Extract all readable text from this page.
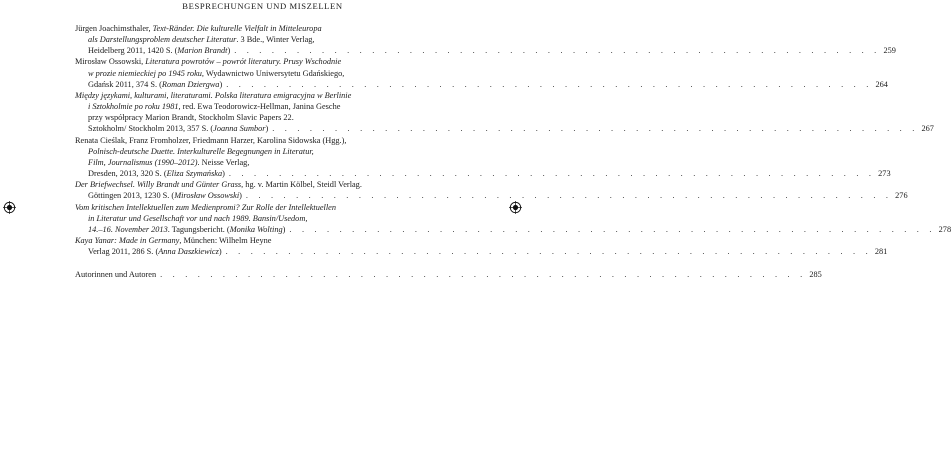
BESPRECHUNGEN UND MISZELLEN
Jürgen Joachimsthaler, Text-Ränder. Die kulturelle Vielfalt in Mitteleuropa
als Darstellungsproblem deutscher Literatur. 3 Bde., Winter Verlag,
Heidelberg 2011, 1420 S. (Marion Brandt) . . . . . . . . . . . . . . . . . . . . . . . . . . . . . . . . . . . . . . . . . . . . . . . . . . . . 259
Mirosław Ossowski, Literatura powrotów – powrót literatury. Prusy Wschodnie
w prozie niemieckiej po 1945 roku, Wydawnictwo Uniwersytetu Gdańskiego,
Gdańsk 2011, 374 S. (Roman Dziergwa) . . . . . . . . . . . . . . . . . . . . . . . . . . . . . . . . . . . . . . . . . . . . . . . . . . . . 264
Między językami, kulturami, literaturami. Polska literatura emigracyjna w Berlinie
i Sztokholmie po roku 1981, red. Ewa Teodorowicz-Hellman, Janina Gesche
przy współpracy Marion Brandt, Stockholm Slavic Papers 22.
Sztokholm/ Stockholm 2013, 357 S. (Joanna Sumbor) . . . . . . . . . . . . . . . . . . . . . . . . . . . . . . . . . . . . . . . . . . . . . . . . . . . . 267
Renata Cieślak, Franz Fromholzer, Friedmann Harzer, Karolina Sidowska (Hgg.),
Polnisch-deutsche Duette. Interkulturelle Begegnungen in Literatur,
Film, Journalismus (1990–2012). Neisse Verlag,
Dresden, 2013, 320 S. (Eliza Szymańska) . . . . . . . . . . . . . . . . . . . . . . . . . . . . . . . . . . . . . . . . . . . . . . . . . . . . 273
Der Briefwechsel. Willy Brandt und Günter Grass, hg. v. Martin Kölbel, Steidl Verlag.
Göttingen 2013, 1230 S. (Mirosław Ossowski) . . . . . . . . . . . . . . . . . . . . . . . . . . . . . . . . . . . . . . . . . . . . . . . . . . . . 276
Vom kritischen Intellektuellen zum Medienpromi? Zur Rolle der Intellektuellen
in Literatur und Gesellschaft vor und nach 1989. Bansin/Usedom,
14.–16. November 2013. Tagungsbericht. (Monika Wolting) . . . . . . . . . . . . . . . . . . . . . . . . . . . . . . . . . . . . . . . . . . . . . . . . . . . . 278
Kaya Yanar: Made in Germany, München: Wilhelm Heyne
Verlag 2011, 286 S. (Anna Daszkiewicz) . . . . . . . . . . . . . . . . . . . . . . . . . . . . . . . . . . . . . . . . . . . . . . . . . . . . 281
Autorinnen und Autoren . . . . . . . . . . . . . . . . . . . . . . . . . . . . . . . . . . . . . . . . . . . . . . . . . . . . 285
